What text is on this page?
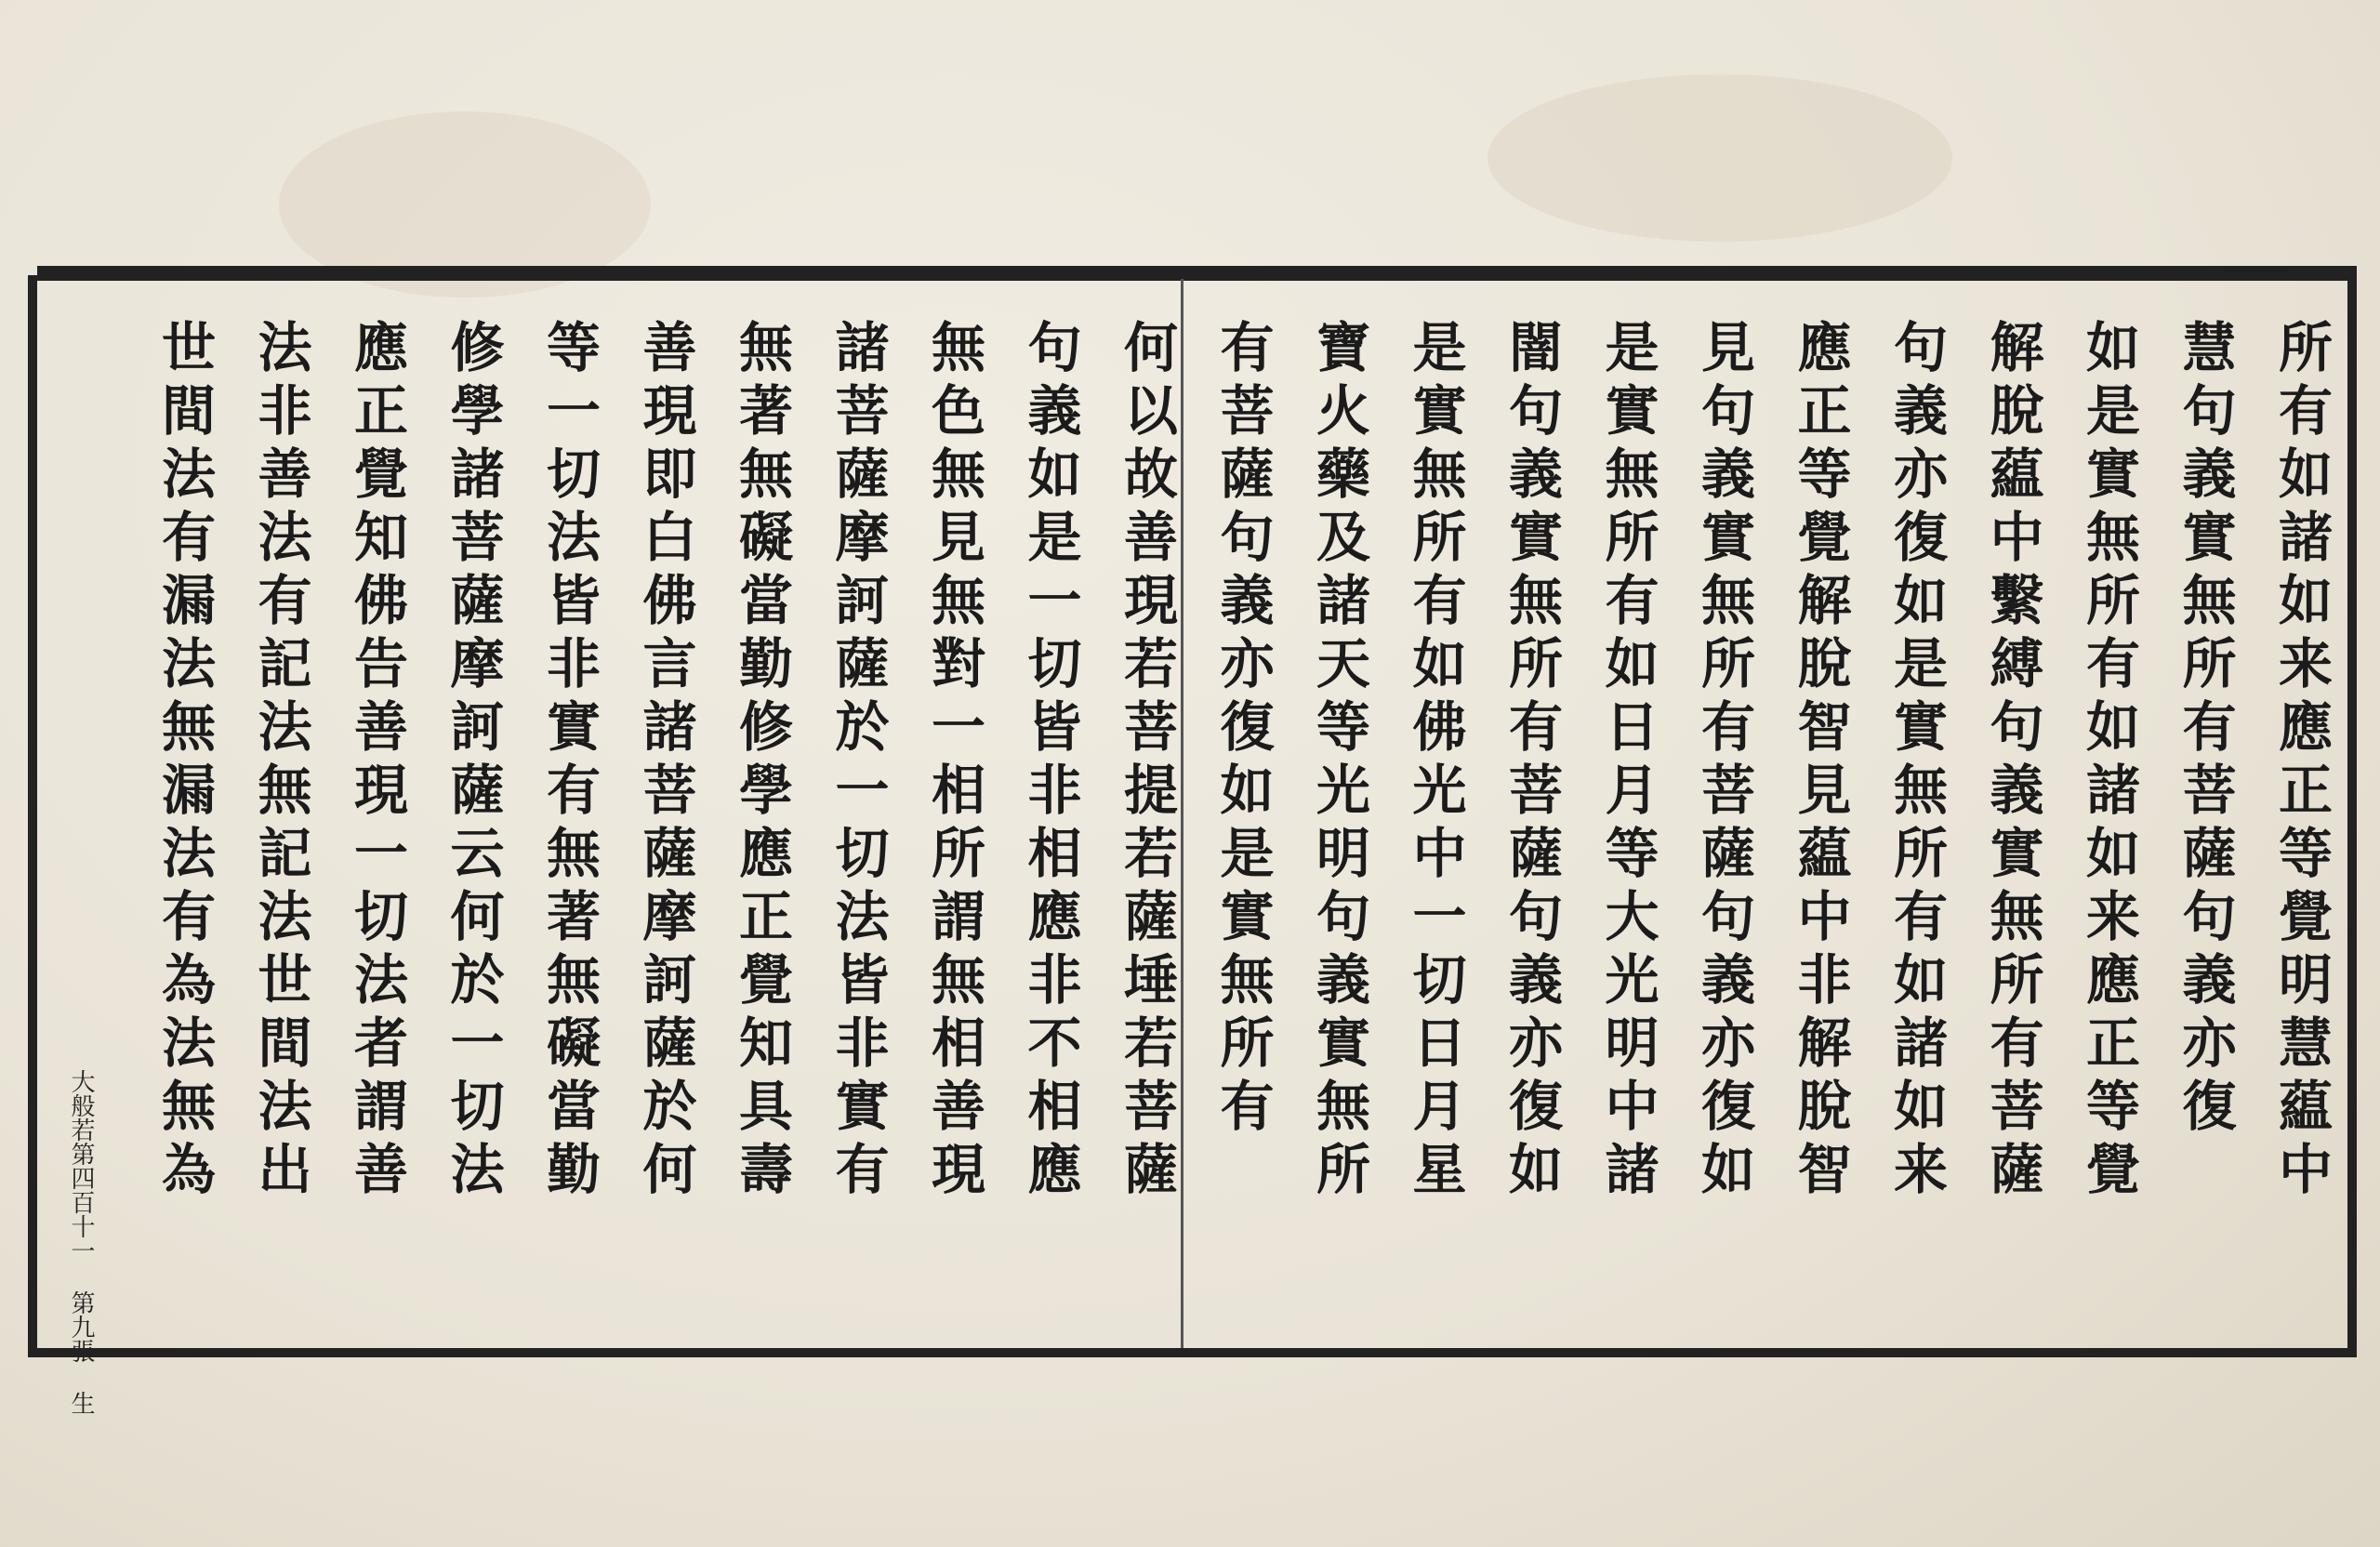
所
有
如
諸
如
来
應
正
等
覺
明
慧
藴
中
慧
句
義
實
無
所
有
菩
薩
句
義
亦
復
如
是
實
無
所
有
如
諸
如
来
應
正
等
覺
解
脫
藴
中
繫
縛
句
義
實
無
所
有
菩
薩
句
義
亦
復
如
是
實
無
所
有
如
諸
如
来
應
正
等
覺
解
脫
智
見
藴
中
非
解
脫
智
見
句
義
實
無
所
有
菩
薩
句
義
亦
復
如
是
實
無
所
有
如
日
月
等
大
光
明
中
諸
闇
句
義
實
無
所
有
菩
薩
句
義
亦
復
如
是
實
無
所
有
如
佛
光
中
一
切
日
月
星
寶
火
藥
及
諸
天
等
光
明
句
義
實
無
所
有
菩
薩
句
義
亦
復
如
是
實
無
所
有
何
以
故
善
現
若
菩
提
若
薩
埵
若
菩
薩
句
義
如
是
一
切
皆
非
相
應
非
不
相
應
無
色
無
見
無
對
一
相
所
謂
無
相
善
現
諸
菩
薩
摩
訶
薩
於
一
切
法
皆
非
實
有
無
著
無
礙
當
勤
修
學
應
正
覺
知
具
壽
善
現
即
白
佛
言
諸
菩
薩
摩
訶
薩
於
何
等
一
切
法
皆
非
實
有
無
著
無
礙
當
勤
修
學
諸
菩
薩
摩
訶
薩
云
何
於
一
切
法
應
正
覺
知
佛
告
善
現
一
切
法
者
謂
善
法
非
善
法
有
記
法
無
記
法
世
間
法
出
世
間
法
有
漏
法
無
漏
法
有
為
法
無
為
大般若第四百十一 第九張 生
